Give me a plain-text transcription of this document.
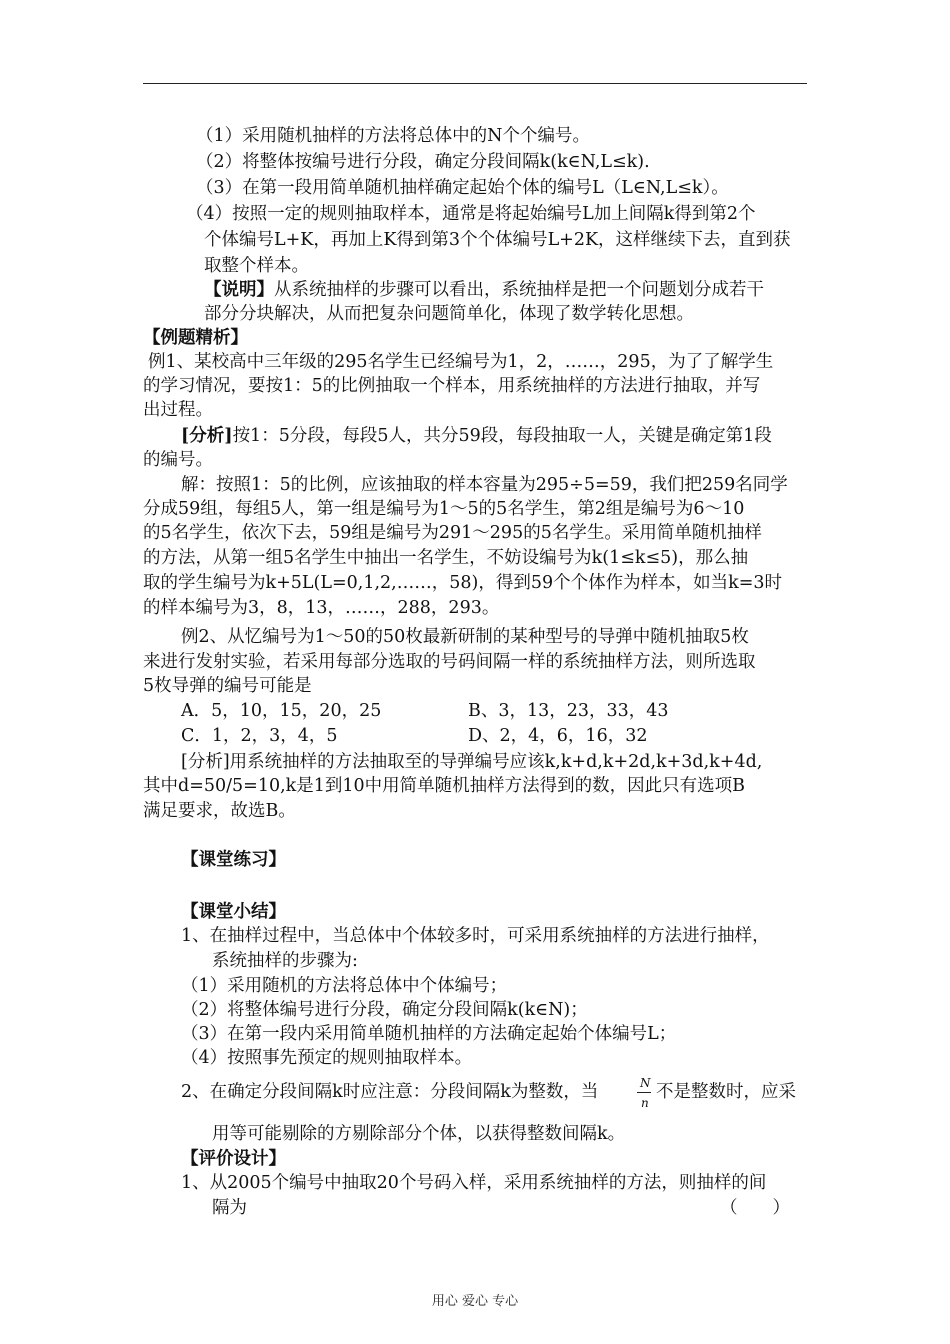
（1）采用随机抽样的方法将总体中的N个个编号。
（2）将整体按编号进行分段，确定分段间隔k(k∈N,L≤k).
（3）在第一段用简单随机抽样确定起始个体的编号L（L∈N,L≤k）。
（4）按照一定的规则抽取样本，通常是将起始编号L加上间隔k得到第2个
个体编号L+K，再加上K得到第3个个体编号L+2K，这样继续下去，直到获
取整个样本。
【说明】从系统抽样的步骤可以看出，系统抽样是把一个问题划分成若干
部分分块解决，从而把复杂问题简单化，体现了数学转化思想。
【例题精析】
例1、某校高中三年级的295名学生已经编号为1，2，……，295，为了了解学生
的学习情况，要按1：5的比例抽取一个样本，用系统抽样的方法进行抽取，并写
出过程。
[分析]按1：5分段，每段5人，共分59段，每段抽取一人，关键是确定第1段
的编号。
解：按照1：5的比例，应该抽取的样本容量为295÷5=59，我们把259名同学
分成59组，每组5人，第一组是编号为1～5的5名学生，第2组是编号为6～10
的5名学生，依次下去，59组是编号为291～295的5名学生。采用简单随机抽样
的方法，从第一组5名学生中抽出一名学生，不妨设编号为k(1≤k≤5)，那么抽
取的学生编号为k+5L(L=0,1,2,……，58)，得到59个个体作为样本，如当k=3时
的样本编号为3，8，13，……，288，293。
例2、从忆编号为1～50的50枚最新研制的某种型号的导弹中随机抽取5枚
来进行发射实验，若采用每部分选取的号码间隔一样的系统抽样方法，则所选取
5枚导弹的编号可能是
A．5，10，15，20，25	B、3，13，23，33，43
C．1，2，3，4，5	D、2，4，6，16，32
[分析]用系统抽样的方法抽取至的导弹编号应该k,k+d,k+2d,k+3d,k+4d,
其中d=50/5=10,k是1到10中用简单随机抽样方法得到的数，因此只有选项B
满足要求，故选B。
【课堂练习】
【课堂小结】
1、在抽样过程中，当总体中个体较多时，可采用系统抽样的方法进行抽样，
系统抽样的步骤为:
（1）采用随机的方法将总体中个体编号；
（2）将整体编号进行分段，确定分段间隔k(k∈N)；
（3）在第一段内采用简单随机抽样的方法确定起始个体编号L；
（4）按照事先预定的规则抽取样本。
2、在确定分段间隔k时应注意：分段间隔k为整数，当	N
n
不是整数时，应采
用等可能剔除的方剔除部分个体，以获得整数间隔k。
【评价设计】
1、从2005个编号中抽取20个号码入样，采用系统抽样的方法，则抽样的间
隔为	（　　）
用心 爱心 专心
